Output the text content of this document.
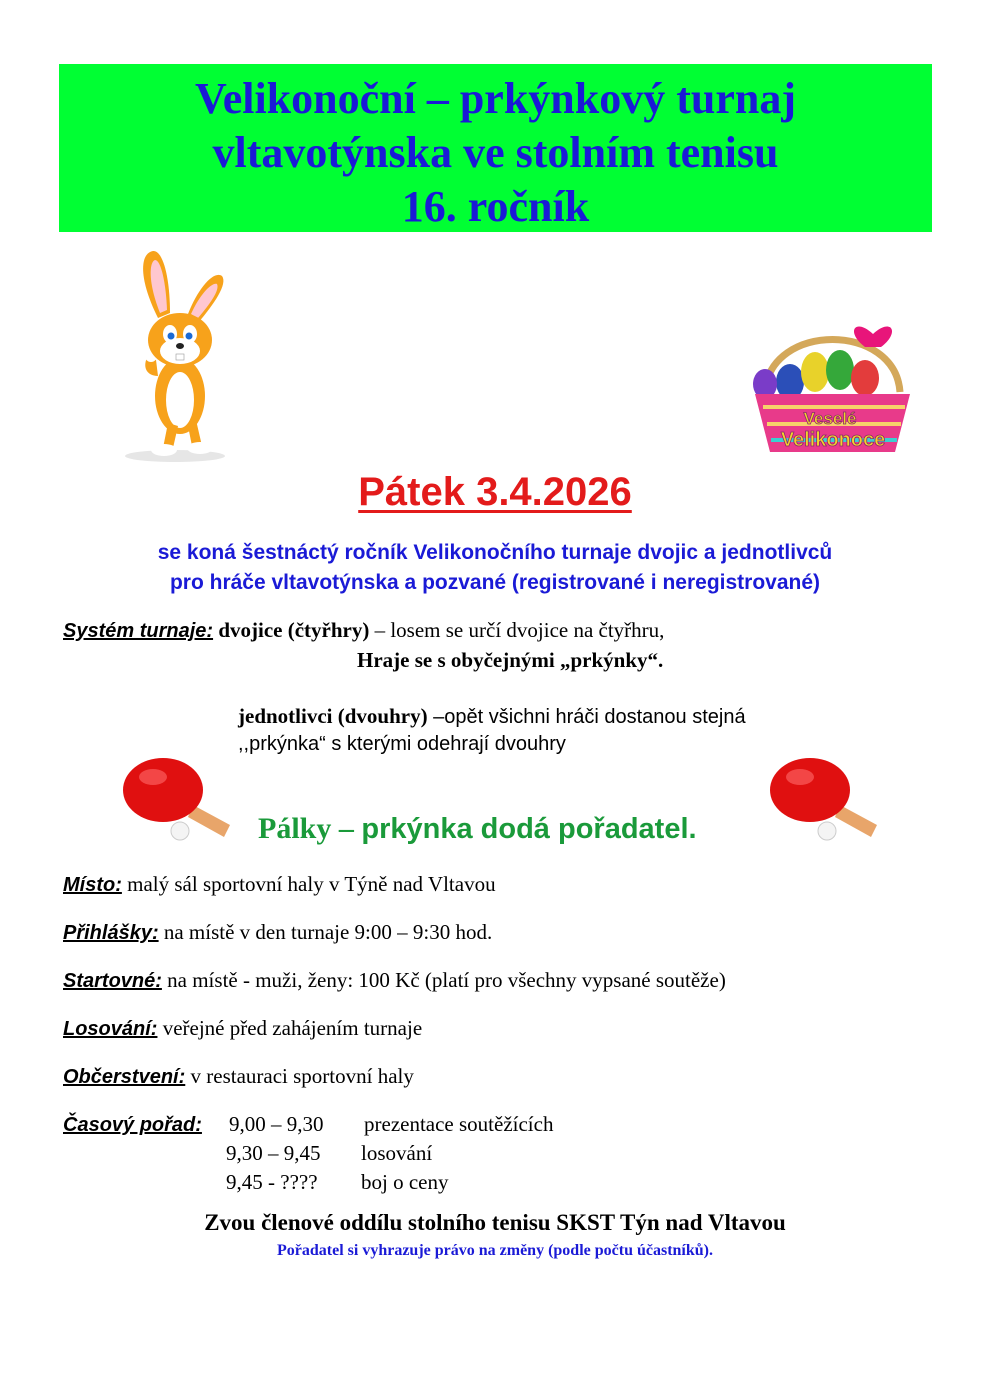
Velikonoční – prkýnkový turnaj
vltavotýnska ve stolním tenisu
16. ročník
Veselé
Velikonoce
Pátek 3.4.2026
se koná šestnáctý ročník Velikonočního turnaje dvojic a jednotlivců
pro hráče vltavotýnska a pozvané (registrované i neregistrované)
Systém turnaje: dvojice (čtyřhry) – losem se určí dvojice na čtyřhru,
Hraje se s obyčejnými „prkýnky“.
jednotlivci (dvouhry) –opět všichni hráči dostanou stejná
,,prkýnka“ s kterými odehrají dvouhry
Pálky – prkýnka dodá pořadatel.
Místo: malý sál sportovní haly v Týně nad Vltavou
Přihlášky: na místě v den turnaje 9:00 – 9:30 hod.
Startovné: na místě - muži, ženy: 100 Kč (platí pro všechny vypsané soutěže)
Losování: veřejné před zahájením turnaje
Občerstvení: v restauraci sportovní haly
Časový pořad: 9,00 – 9,30 prezentace soutěžících
9,30 – 9,45 losování
9,45 - ???? boj o ceny
Zvou členové oddílu stolního tenisu SKST Týn nad Vltavou
Pořadatel si vyhrazuje právo na změny (podle počtu účastníků).
